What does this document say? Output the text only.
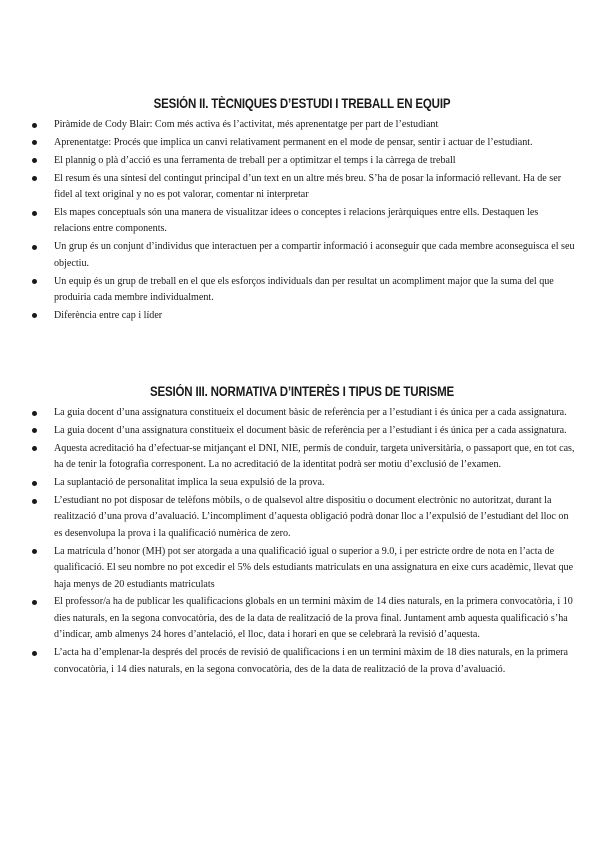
SESIÓN II. TÈCNIQUES D’ESTUDI I TREBALL EN EQUIP
Piràmide de Cody Blair: Com més activa és l’activitat, més aprenentatge per part de l’estudiant
Aprenentatge: Procés que implica un canvi relativament permanent en el mode de pensar, sentir i actuar de l’estudiant.
El plannig o plà d’acció es una ferramenta de treball per a optimitzar el temps i la càrrega de treball
El resum és una síntesi del contingut principal d’un text en un altre més breu. S’ha de posar la informació rellevant. Ha de ser fidel al text original y no es pot valorar, comentar ni interpretar
Els mapes conceptuals són una manera de visualitzar idees o conceptes i relacions jeràrquiques entre ells. Destaquen les relacions entre components.
Un grup és un conjunt d’individus que interactuen per a compartir informació i aconseguir que cada membre aconseguisca el seu objectiu.
Un equip és un grup de treball en el que els esforços individuals dan per resultat un acompliment major que la suma del que produiria cada membre individualment.
Diferència entre cap i líder
SESIÓN III. NORMATIVA D’INTERÈS I TIPUS DE TURISME
La guia docent d’una assignatura constitueix el document bàsic de referència per a l’estudiant i és única per a cada assignatura.
La guia docent d’una assignatura constitueix el document bàsic de referència per a l’estudiant i és única per a cada assignatura.
Aquesta acreditació ha d’efectuar-se mitjançant el DNI, NIE, permís de conduir, targeta universitària, o passaport que, en tot cas, ha de tenir la fotografia corresponent. La no acreditació de la identitat podrà ser motiu d’exclusió de l’examen.
La suplantació de personalitat implica la seua expulsió de la prova.
L’estudiant no pot disposar de telèfons mòbils, o de qualsevol altre dispositiu o document electrònic no autoritzat, durant la realització d’una prova d’avaluació. L’incompliment d’aquesta obligació podrà donar lloc a l’expulsió de l’estudiant del lloc on es desenvolupa la prova i la qualificació numèrica de zero.
La matrícula d’honor (MH) pot ser atorgada a una qualificació igual o superior a 9.0, i per estricte ordre de nota en l’acta de qualificació. El seu nombre no pot excedir el 5% dels estudiants matriculats en una assignatura en eixe curs acadèmic, llevat que haja menys de 20 estudiants matriculats
El professor/a ha de publicar les qualificacions globals en un termini màxim de 14 dies naturals, en la primera convocatòria, i 10 dies naturals, en la segona convocatòria, des de la data de realització de la prova final. Juntament amb aquesta qualificació s’ha d’indicar, amb almenys 24 hores d’antelació, el lloc, data i horari en que se celebrarà la revisió d’aquesta.
L’acta ha d’emplenar-la després del procés de revisió de qualificacions i en un termini màxim de 18 dies naturals, en la primera convocatòria, i 14 dies naturals, en la segona convocatòria, des de la data de realització de la prova d’avaluació.
